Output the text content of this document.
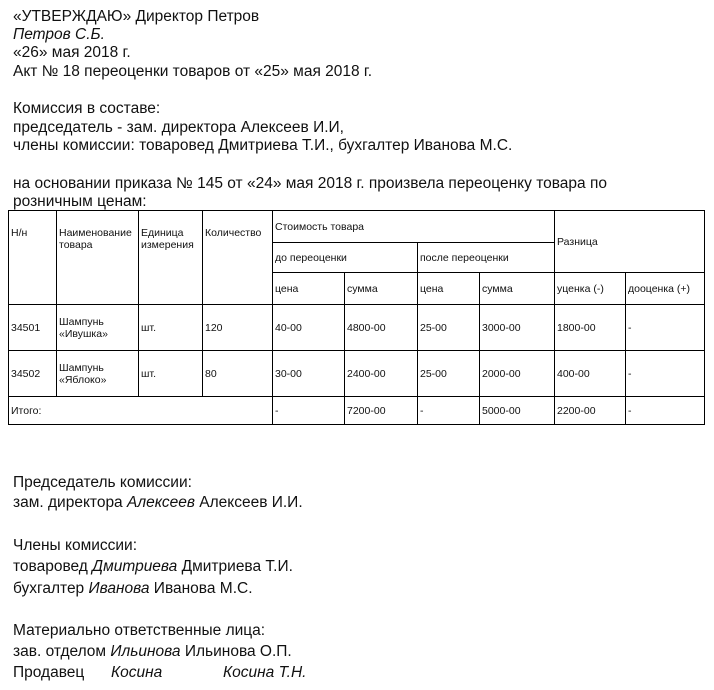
«УТВЕРЖДАЮ» Директор Петров
Петров С.Б.
«26» мая 2018 г.
Акт № 18 переоценки товаров от «25» мая 2018 г.
Комиссия в составе:
председатель - зам. директора Алексеев И.И,
члены комиссии: товаровед Дмитриева Т.И., бухгалтер Иванова М.С.
на основании приказа № 145 от «24» мая 2018 г. произвела переоценку товара по
розничным ценам:
Н/н	Наименование товара	Единица измерения	Количество	Стоимость товара				Разница	
				до переоценки		после переоценки			
				цена	сумма	цена	сумма	уценка (-)	дооценка (+)
34501	Шампунь «Ивушка»	шт.	120	40-00	4800-00	25-00	3000-00	1800-00	-
34502	Шампунь «Яблоко»	шт.	80	30-00	2400-00	25-00	2000-00	400-00	-
Итого:				-	7200-00	-	5000-00	2200-00	-
Председатель комиссии:
зам. директора Алексеев Алексеев И.И.
Члены комиссии:
товаровед Дмитриева Дмитриева Т.И.
бухгалтер Иванова Иванова М.С.
Материально ответственные лица:
зав. отделом Ильинова Ильинова О.П.
Продавец Косина	Косина Т.Н.
